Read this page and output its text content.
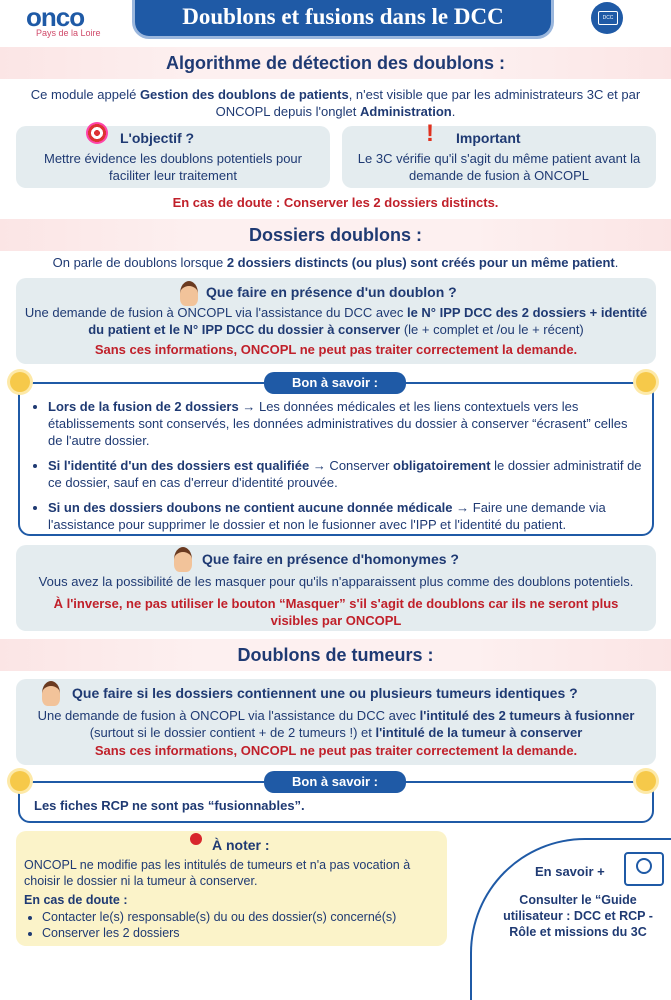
onco
Pays de la Loire
Doublons et fusions dans le DCC	DCC
Algorithme de détection des doublons :
Ce module appelé Gestion des doublons de patients, n'est visible que par les administrateurs 3C et par ONCOPL depuis l'onglet Administration.
L'objectif ?
Mettre évidence les doublons potentiels pour faciliter leur traitement
! Important
Le 3C vérifie qu'il s'agit du même patient avant la demande de fusion à ONCOPL
En cas de doute : Conserver les 2 dossiers distincts.
Dossiers doublons :
On parle de doublons lorsque 2 dossiers distincts (ou plus) sont créés pour un même patient.
Que faire en présence d'un doublon ?
Une demande de fusion à ONCOPL via l'assistance du DCC avec le N° IPP DCC des 2 dossiers + identité du patient et le N° IPP DCC du dossier à conserver (le + complet et /ou le + récent)
Sans ces informations, ONCOPL ne peut pas traiter correctement la demande.
• Lors de la fusion de 2 dossiers → Les données médicales et les liens contextuels vers les établissements sont conservés, les données administratives du dossier à conserver “écrasent” celles de l'autre dossier.
• Si l'identité d'un des dossiers est qualifiée → Conserver obligatoirement le dossier administratif de ce dossier, sauf en cas d'erreur d'identité prouvée.
• Si un des dossiers doubons ne contient aucune donnée médicale → Faire une demande via l'assistance pour supprimer le dossier et non le fusionner avec l'IPP et l'identité du patient.
Bon à savoir :
Que faire en présence d'homonymes ?
Vous avez la possibilité de les masquer pour qu'ils n'apparaissent plus comme des doublons potentiels.
À l'inverse, ne pas utiliser le bouton “Masquer” s'il s'agit de doublons car ils ne seront plus visibles par ONCOPL
Doublons de tumeurs :
Que faire si les dossiers contiennent une ou plusieurs tumeurs identiques ?
Une demande de fusion à ONCOPL via l'assistance du DCC avec l'intitulé des 2 tumeurs à fusionner (surtout si le dossier contient + de 2 tumeurs !) et l'intitulé de la tumeur à conserver
Sans ces informations, ONCOPL ne peut pas traiter correctement la demande.
Les fiches RCP ne sont pas “fusionnables”.
Bon à savoir :
À noter :
ONCOPL ne modifie pas les intitulés de tumeurs et n'a pas vocation à choisir le dossier ni la tumeur à conserver.
En cas de doute :
• Contacter le(s) responsable(s) du ou des dossier(s) concerné(s)
• Conserver les 2 dossiers
En savoir +
Consulter le “Guide utilisateur : DCC et RCP - Rôle et missions du 3C
